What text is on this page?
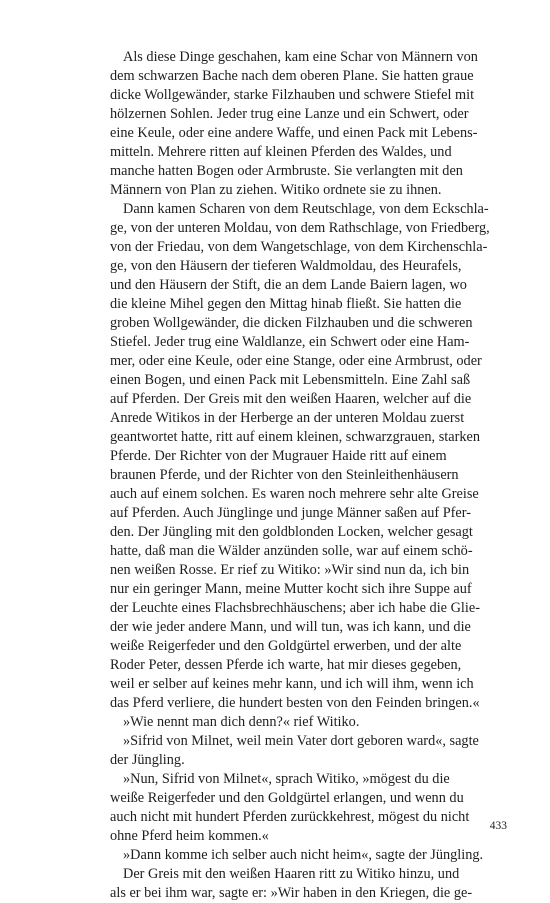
Als diese Dinge geschahen, kam eine Schar von Männern von
dem schwarzen Bache nach dem oberen Plane. Sie hatten graue
dicke Wollgewänder, starke Filzhauben und schwere Stiefel mit
hölzernen Sohlen. Jeder trug eine Lanze und ein Schwert, oder
eine Keule, oder eine andere Waffe, und einen Pack mit Lebens-
mitteln. Mehrere ritten auf kleinen Pferden des Waldes, und
manche hatten Bogen oder Armbruste. Sie verlangten mit den
Männern von Plan zu ziehen. Witiko ordnete sie zu ihnen.
Dann kamen Scharen von dem Reutschlage, von dem Eckschla-
ge, von der unteren Moldau, von dem Rathschlage, von Friedberg,
von der Friedau, von dem Wangetschlage, von dem Kirchenschla-
ge, von den Häusern der tieferen Waldmoldau, des Heurafels,
und den Häusern der Stift, die an dem Lande Baiern lagen, wo
die kleine Mihel gegen den Mittag hinab fließt. Sie hatten die
groben Wollgewänder, die dicken Filzhauben und die schweren
Stiefel. Jeder trug eine Waldlanze, ein Schwert oder eine Ham-
mer, oder eine Keule, oder eine Stange, oder eine Armbrust, oder
einen Bogen, und einen Pack mit Lebensmitteln. Eine Zahl saß
auf Pferden. Der Greis mit den weißen Haaren, welcher auf die
Anrede Witikos in der Herberge an der unteren Moldau zuerst
geantwortet hatte, ritt auf einem kleinen, schwarzgrauen, starken
Pferde. Der Richter von der Mugrauer Haide ritt auf einem
braunen Pferde, und der Richter von den Steinleithenhäusern
auch auf einem solchen. Es waren noch mehrere sehr alte Greise
auf Pferden. Auch Jünglinge und junge Männer saßen auf Pfer-
den. Der Jüngling mit den goldblonden Locken, welcher gesagt
hatte, daß man die Wälder anzünden solle, war auf einem schö-
nen weißen Rosse. Er rief zu Witiko: »Wir sind nun da, ich bin
nur ein geringer Mann, meine Mutter kocht sich ihre Suppe auf
der Leuchte eines Flachsbrechhäuschens; aber ich habe die Glie-
der wie jeder andere Mann, und will tun, was ich kann, und die
weiße Reigerfeder und den Goldgürtel erwerben, und der alte
Roder Peter, dessen Pferde ich warte, hat mir dieses gegeben,
weil er selber auf keines mehr kann, und ich will ihm, wenn ich
das Pferd verliere, die hundert besten von den Feinden bringen.«
»Wie nennt man dich denn?« rief Witiko.
»Sifrid von Milnet, weil mein Vater dort geboren ward«, sagte
der Jüngling.
»Nun, Sifrid von Milnet«, sprach Witiko, »mögest du die
weiße Reigerfeder und den Goldgürtel erlangen, und wenn du
auch nicht mit hundert Pferden zurückkehrest, mögest du nicht
ohne Pferd heim kommen.«
»Dann komme ich selber auch nicht heim«, sagte der Jüngling.
Der Greis mit den weißen Haaren ritt zu Witiko hinzu, und
als er bei ihm war, sagte er: »Wir haben in den Kriegen, die ge-
433
